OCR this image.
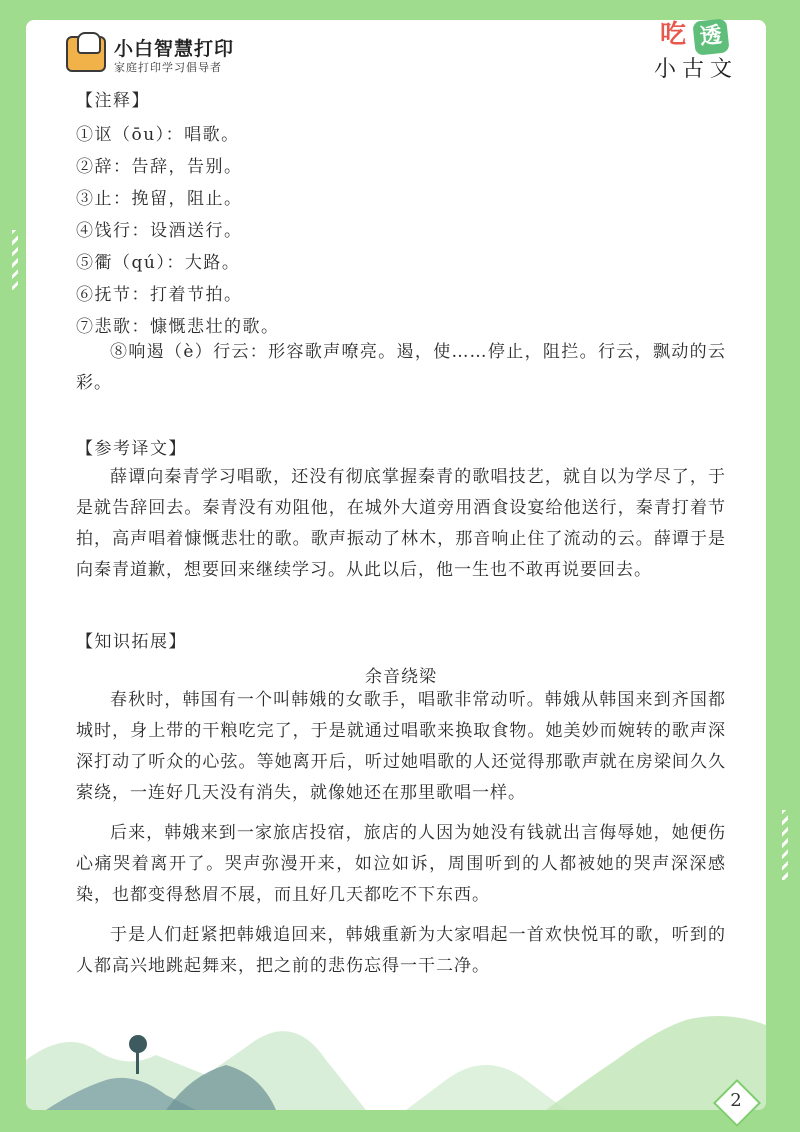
小白智慧打印
家庭打印学习倡导者
吃 透
小古文
【注释】
①讴（ōu）：唱歌。
②辞：告辞，告别。
③止：挽留，阻止。
④饯行：设酒送行。
⑤衢（qú）：大路。
⑥抚节：打着节拍。
⑦悲歌：慷慨悲壮的歌。
⑧响遏（è）行云：形容歌声嘹亮。遏，使……停止，阻拦。行云，飘动的云彩。
【参考译文】
薛谭向秦青学习唱歌，还没有彻底掌握秦青的歌唱技艺，就自以为学尽了，于是就告辞回去。秦青没有劝阻他，在城外大道旁用酒食设宴给他送行，秦青打着节拍，高声唱着慷慨悲壮的歌。歌声振动了林木，那音响止住了流动的云。薛谭于是向秦青道歉，想要回来继续学习。从此以后，他一生也不敢再说要回去。
【知识拓展】
余音绕梁
春秋时，韩国有一个叫韩娥的女歌手，唱歌非常动听。韩娥从韩国来到齐国都城时，身上带的干粮吃完了，于是就通过唱歌来换取食物。她美妙而婉转的歌声深深打动了听众的心弦。等她离开后，听过她唱歌的人还觉得那歌声就在房梁间久久萦绕，一连好几天没有消失，就像她还在那里歌唱一样。
后来，韩娥来到一家旅店投宿，旅店的人因为她没有钱就出言侮辱她，她便伤心痛哭着离开了。哭声弥漫开来，如泣如诉，周围听到的人都被她的哭声深深感染，也都变得愁眉不展，而且好几天都吃不下东西。
于是人们赶紧把韩娥追回来，韩娥重新为大家唱起一首欢快悦耳的歌，听到的人都高兴地跳起舞来，把之前的悲伤忘得一干二净。
2
